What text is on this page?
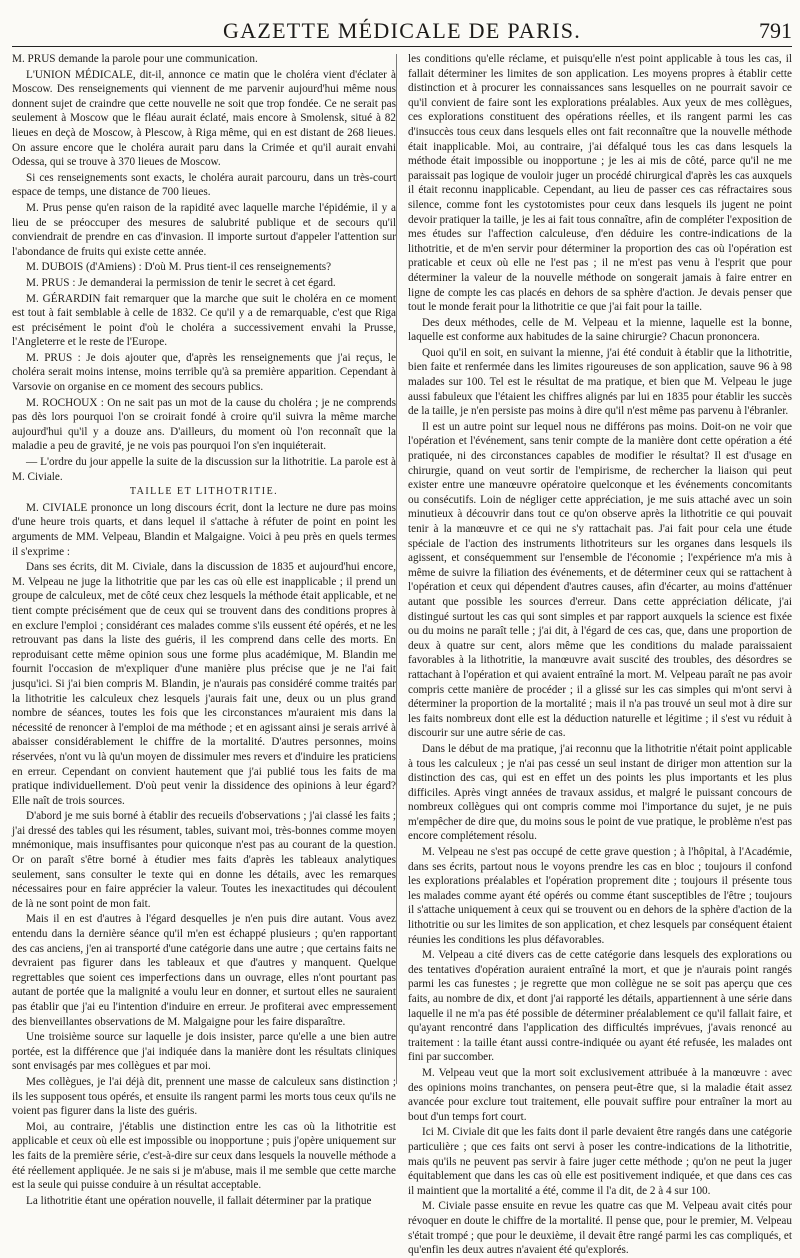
GAZETTE MÉDICALE DE PARIS.	791

M. PRUS demande la parole pour une communication.

L'UNION MÉDICALE, dit-il, annonce ce matin que le choléra vient d'éclater à Moscow. Des renseignements qui viennent de me parvenir aujourd'hui même nous donnent sujet de craindre que cette nouvelle ne soit que trop fondée. Ce ne serait pas seulement à Moscow que le fléau aurait éclaté, mais encore à Smolensk, situé à 82 lieues en deçà de Moscow, à Plescow, à Riga même, qui en est distant de 268 lieues. On assure encore que le choléra aurait paru dans la Crimée et qu'il aurait envahi Odessa, qui se trouve à 370 lieues de Moscow.

Si ces renseignements sont exacts, le choléra aurait parcouru, dans un très-court espace de temps, une distance de 700 lieues.

M. Prus pense qu'en raison de la rapidité avec laquelle marche l'épidémie, il y a lieu de se préoccuper des mesures de salubrité publique et de secours qu'il conviendrait de prendre en cas d'invasion. Il importe surtout d'appeler l'attention sur l'abondance de fruits qui existe cette année.

M. DUBOIS (d'Amiens) : D'où M. Prus tient-il ces renseignements?

M. PRUS : Je demanderai la permission de tenir le secret à cet égard.

M. GÉRARDIN fait remarquer que la marche que suit le choléra en ce moment est tout à fait semblable à celle de 1832. Ce qu'il y a de remarquable, c'est que Riga est précisément le point d'où le choléra a successivement envahi la Prusse, l'Angleterre et le reste de l'Europe.

M. PRUS : Je dois ajouter que, d'après les renseignements que j'ai reçus, le choléra serait moins intense, moins terrible qu'à sa première apparition. Cependant à Varsovie on organise en ce moment des secours publics.

M. ROCHOUX : On ne sait pas un mot de la cause du choléra ; je ne comprends pas dès lors pourquoi l'on se croirait fondé à croire qu'il suivra la même marche aujourd'hui qu'il y a douze ans. D'ailleurs, du moment où l'on reconnaît que la maladie a peu de gravité, je ne vois pas pourquoi l'on s'en inquiéterait.

— L'ordre du jour appelle la suite de la discussion sur la lithotritie. La parole est à M. Civiale.

TAILLE ET LITHOTRITIE.

M. CIVIALE prononce un long discours écrit, dont la lecture ne dure pas moins d'une heure trois quarts, et dans lequel il s'attache à réfuter de point en point les arguments de MM. Velpeau, Blandin et Malgaigne. Voici à peu près en quels termes il s'exprime :

Dans ses écrits, dit M. Civiale, dans la discussion de 1835 et aujourd'hui encore, M. Velpeau ne juge la lithotritie que par les cas où elle est inapplicable ; il prend un groupe de calculeux, met de côté ceux chez lesquels la méthode était applicable, et ne tient compte précisément que de ceux qui se trouvent dans des conditions propres à en exclure l'emploi ; considérant ces malades comme s'ils eussent été opérés, et ne les retrouvant pas dans la liste des guéris, il les comprend dans celle des morts. En reproduisant cette même opinion sous une forme plus académique, M. Blandin me fournit l'occasion de m'expliquer d'une manière plus précise que je ne l'ai fait jusqu'ici. Si j'ai bien compris M. Blandin, je n'aurais pas considéré comme traités par la lithotritie les calculeux chez lesquels j'aurais fait une, deux ou un plus grand nombre de séances, toutes les fois que les circonstances m'auraient mis dans la nécessité de renoncer à l'emploi de ma méthode ; et en agissant ainsi je serais arrivé à abaisser considérablement le chiffre de la mortalité. D'autres personnes, moins réservées, n'ont vu là qu'un moyen de dissimuler mes revers et d'induire les praticiens en erreur. Cependant on convient hautement que j'ai publié tous les faits de ma pratique individuellement. D'où peut venir la dissidence des opinions à leur égard? Elle naît de trois sources.

D'abord je me suis borné à établir des recueils d'observations ; j'ai classé les faits ; j'ai dressé des tables qui les résument, tables, suivant moi, très-bonnes comme moyen mnémonique, mais insuffisantes pour quiconque n'est pas au courant de la question. Or on paraît s'être borné à étudier mes faits d'après les tableaux analytiques seulement, sans consulter le texte qui en donne les détails, avec les remarques nécessaires pour en faire apprécier la valeur. Toutes les inexactitudes qui découlent de là ne sont point de mon fait.

Mais il en est d'autres à l'égard desquelles je n'en puis dire autant. Vous avez entendu dans la dernière séance qu'il m'en est échappé plusieurs ; qu'en rapportant des cas anciens, j'en ai transporté d'une catégorie dans une autre ; que certains faits ne devraient pas figurer dans les tableaux et que d'autres y manquent. Quelque regrettables que soient ces imperfections dans un ouvrage, elles n'ont pourtant pas autant de portée que la malignité a voulu leur en donner, et surtout elles ne sauraient pas établir que j'ai eu l'intention d'induire en erreur. Je profiterai avec empressement des bienveillantes observations de M. Malgaigne pour les faire disparaître.

Une troisième source sur laquelle je dois insister, parce qu'elle a une bien autre portée, est la différence que j'ai indiquée dans la manière dont les résultats cliniques sont envisagés par mes collègues et par moi.

Mes collègues, je l'ai déjà dit, prennent une masse de calculeux sans distinction ; ils les supposent tous opérés, et ensuite ils rangent parmi les morts tous ceux qu'ils ne voient pas figurer dans la liste des guéris.

Moi, au contraire, j'établis une distinction entre les cas où la lithotritie est applicable et ceux où elle est impossible ou inopportune ; puis j'opère uniquement sur les faits de la première série, c'est-à-dire sur ceux dans lesquels la nouvelle méthode a été réellement appliquée. Je ne sais si je m'abuse, mais il me semble que cette marche est la seule qui puisse conduire à un résultat acceptable.

La lithotritie étant une opération nouvelle, il fallait déterminer par la pratique

les conditions qu'elle réclame, et puisqu'elle n'est point applicable à tous les cas, il fallait déterminer les limites de son application. Les moyens propres à établir cette distinction et à procurer les connaissances sans lesquelles on ne pourrait savoir ce qu'il convient de faire sont les explorations préalables. Aux yeux de mes collègues, ces explorations constituent des opérations réelles, et ils rangent parmi les cas d'insuccès tous ceux dans lesquels elles ont fait reconnaître que la nouvelle méthode était inapplicable. Moi, au contraire, j'ai défalqué tous les cas dans lesquels la méthode était impossible ou inopportune ; je les ai mis de côté, parce qu'il ne me paraissait pas logique de vouloir juger un procédé chirurgical d'après les cas auxquels il était reconnu inapplicable. Cependant, au lieu de passer ces cas réfractaires sous silence, comme font les cystotomistes pour ceux dans lesquels ils jugent ne point devoir pratiquer la taille, je les ai fait tous connaître, afin de compléter l'exposition de mes études sur l'affection calculeuse, d'en déduire les contre-indications de la lithotritie, et de m'en servir pour déterminer la proportion des cas où l'opération est praticable et ceux où elle ne l'est pas ; il ne m'est pas venu à l'esprit que pour déterminer la valeur de la nouvelle méthode on songerait jamais à faire entrer en ligne de compte les cas placés en dehors de sa sphère d'action. Je devais penser que tout le monde ferait pour la lithotritie ce que j'ai fait pour la taille.

Des deux méthodes, celle de M. Velpeau et la mienne, laquelle est la bonne, laquelle est conforme aux habitudes de la saine chirurgie? Chacun prononcera.

Quoi qu'il en soit, en suivant la mienne, j'ai été conduit à établir que la lithotritie, bien faite et renfermée dans les limites rigoureuses de son application, sauve 96 à 98 malades sur 100. Tel est le résultat de ma pratique, et bien que M. Velpeau le juge aussi fabuleux que l'étaient les chiffres alignés par lui en 1835 pour établir les succès de la taille, je n'en persiste pas moins à dire qu'il n'est même pas parvenu à l'ébranler.

Il est un autre point sur lequel nous ne différons pas moins. Doit-on ne voir que l'opération et l'événement, sans tenir compte de la manière dont cette opération a été pratiquée, ni des circonstances capables de modifier le résultat? Il est d'usage en chirurgie, quand on veut sortir de l'empirisme, de rechercher la liaison qui peut exister entre une manœuvre opératoire quelconque et les événements concomitants ou consécutifs. Loin de négliger cette appréciation, je me suis attaché avec un soin minutieux à découvrir dans tout ce qu'on observe après la lithotritie ce qui pouvait tenir à la manœuvre et ce qui ne s'y rattachait pas. J'ai fait pour cela une étude spéciale de l'action des instruments lithotriteurs sur les organes dans lesquels ils agissent, et conséquemment sur l'ensemble de l'économie ; l'expérience m'a mis à même de suivre la filiation des événements, et de déterminer ceux qui se rattachent à l'opération et ceux qui dépendent d'autres causes, afin d'écarter, au moins d'atténuer autant que possible les sources d'erreur. Dans cette appréciation délicate, j'ai distingué surtout les cas qui sont simples et par rapport auxquels la science est fixée ou du moins ne paraît telle ; j'ai dit, à l'égard de ces cas, que, dans une proportion de deux à quatre sur cent, alors même que les conditions du malade paraissaient favorables à la lithotritie, la manœuvre avait suscité des troubles, des désordres se rattachant à l'opération et qui avaient entraîné la mort. M. Velpeau paraît ne pas avoir compris cette manière de procéder ; il a glissé sur les cas simples qui m'ont servi à déterminer la proportion de la mortalité ; mais il n'a pas trouvé un seul mot à dire sur les faits nombreux dont elle est la déduction naturelle et légitime ; il s'est vu réduit à discourir sur une autre série de cas.

Dans le début de ma pratique, j'ai reconnu que la lithotritie n'était point applicable à tous les calculeux ; je n'ai pas cessé un seul instant de diriger mon attention sur la distinction des cas, qui est en effet un des points les plus importants et les plus difficiles. Après vingt années de travaux assidus, et malgré le puissant concours de nombreux collègues qui ont compris comme moi l'importance du sujet, je ne puis m'empêcher de dire que, du moins sous le point de vue pratique, le problème n'est pas encore complétement résolu.

M. Velpeau ne s'est pas occupé de cette grave question ; à l'hôpital, à l'Académie, dans ses écrits, partout nous le voyons prendre les cas en bloc ; toujours il confond les explorations préalables et l'opération proprement dite ; toujours il présente tous les malades comme ayant été opérés ou comme étant susceptibles de l'être ; toujours il s'attache uniquement à ceux qui se trouvent ou en dehors de la sphère d'action de la lithotritie ou sur les limites de son application, et chez lesquels par conséquent étaient réunies les conditions les plus défavorables.

M. Velpeau a cité divers cas de cette catégorie dans lesquels des explorations ou des tentatives d'opération auraient entraîné la mort, et que je n'aurais point rangés parmi les cas funestes ; je regrette que mon collègue ne se soit pas aperçu que ces faits, au nombre de dix, et dont j'ai rapporté les détails, appartiennent à une série dans laquelle il ne m'a pas été possible de déterminer préalablement ce qu'il fallait faire, et qu'ayant rencontré dans l'application des difficultés imprévues, j'avais renoncé au traitement : la taille étant aussi contre-indiquée ou ayant été refusée, les malades ont fini par succomber.

M. Velpeau veut que la mort soit exclusivement attribuée à la manœuvre : avec des opinions moins tranchantes, on pensera peut-être que, si la maladie était assez avancée pour exclure tout traitement, elle pouvait suffire pour entraîner la mort au bout d'un temps fort court.

Ici M. Civiale dit que les faits dont il parle devaient être rangés dans une catégorie particulière ; que ces faits ont servi à poser les contre-indications de la lithotritie, mais qu'ils ne peuvent pas servir à faire juger cette méthode ; qu'on ne peut la juger équitablement que dans les cas où elle est positivement indiquée, et que dans ces cas il maintient que la mortalité a été, comme il l'a dit, de 2 à 4 sur 100.

M. Civiale passe ensuite en revue les quatre cas que M. Velpeau avait cités pour révoquer en doute le chiffre de la mortalité. Il pense que, pour le premier, M. Velpeau s'était trompé ; que pour le deuxième, il devait être rangé parmi les cas compliqués, et qu'enfin les deux autres n'avaient été qu'explorés.
